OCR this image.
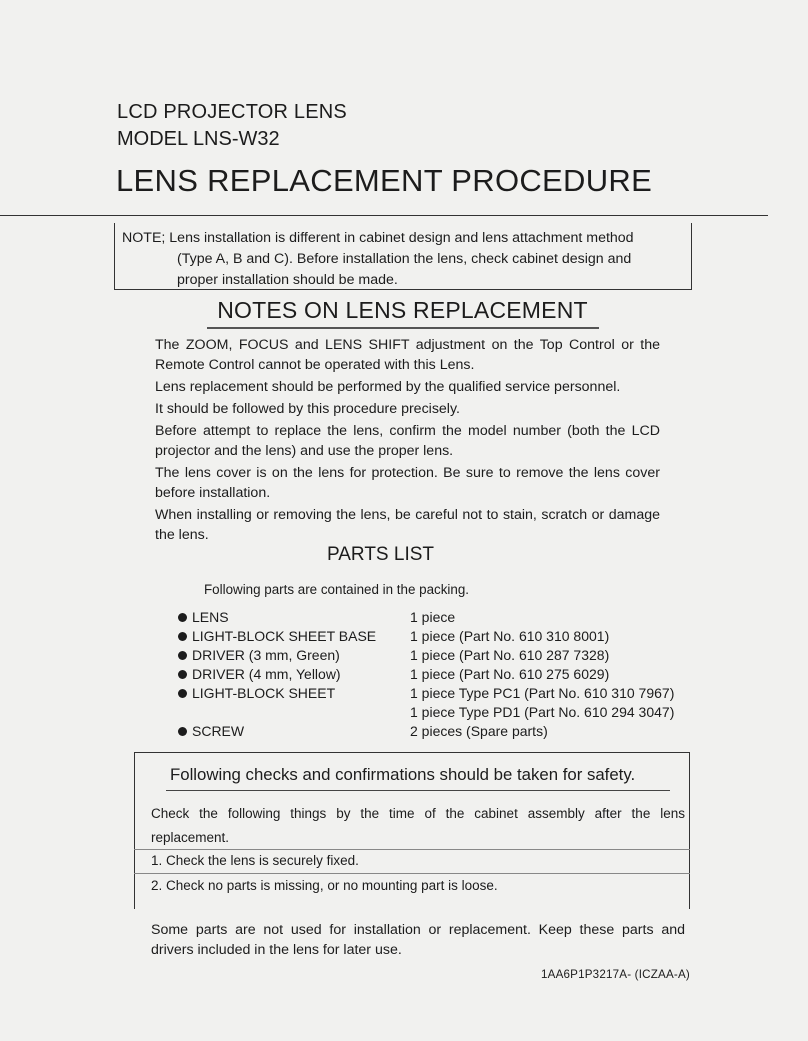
LCD PROJECTOR LENS
MODEL LNS-W32
LENS REPLACEMENT PROCEDURE
NOTE; Lens installation is different in cabinet design and lens attachment method
(Type A, B and C). Before installation the lens, check cabinet design and
proper installation should be made.
NOTES ON LENS REPLACEMENT
The ZOOM, FOCUS and LENS SHIFT adjustment on the Top Control or the Remote Control cannot be operated with this Lens.
Lens replacement should be performed by the qualified service personnel.
It should be followed by this procedure precisely.
Before attempt to replace the lens, confirm the model number (both the LCD projector and the lens) and use the proper lens.
The lens cover is on the lens for protection. Be sure to remove the lens cover before installation.
When installing or removing the lens, be careful not to stain, scratch or damage the lens.
PARTS LIST
Following parts are contained in the packing.
LENS	1 piece
LIGHT-BLOCK SHEET BASE 1 piece (Part No. 610 310 8001)
DRIVER (3 mm, Green)	1 piece (Part No. 610 287 7328)
DRIVER (4 mm, Yellow)	1 piece (Part No. 610 275 6029)
LIGHT-BLOCK SHEET	1 piece Type PC1 (Part No. 610 310 7967)
1 piece Type PD1 (Part No. 610 294 3047)
SCREW	2 pieces (Spare parts)
Following checks and confirmations should be taken for safety.
Check the following things by the time of the cabinet assembly after the lens
replacement.
1. Check the lens is securely fixed.
2. Check no parts is missing, or no mounting part is loose.
Some parts are not used for installation or replacement. Keep these parts and drivers included in the lens for later use.
1AA6P1P3217A- (ICZAA-A)
